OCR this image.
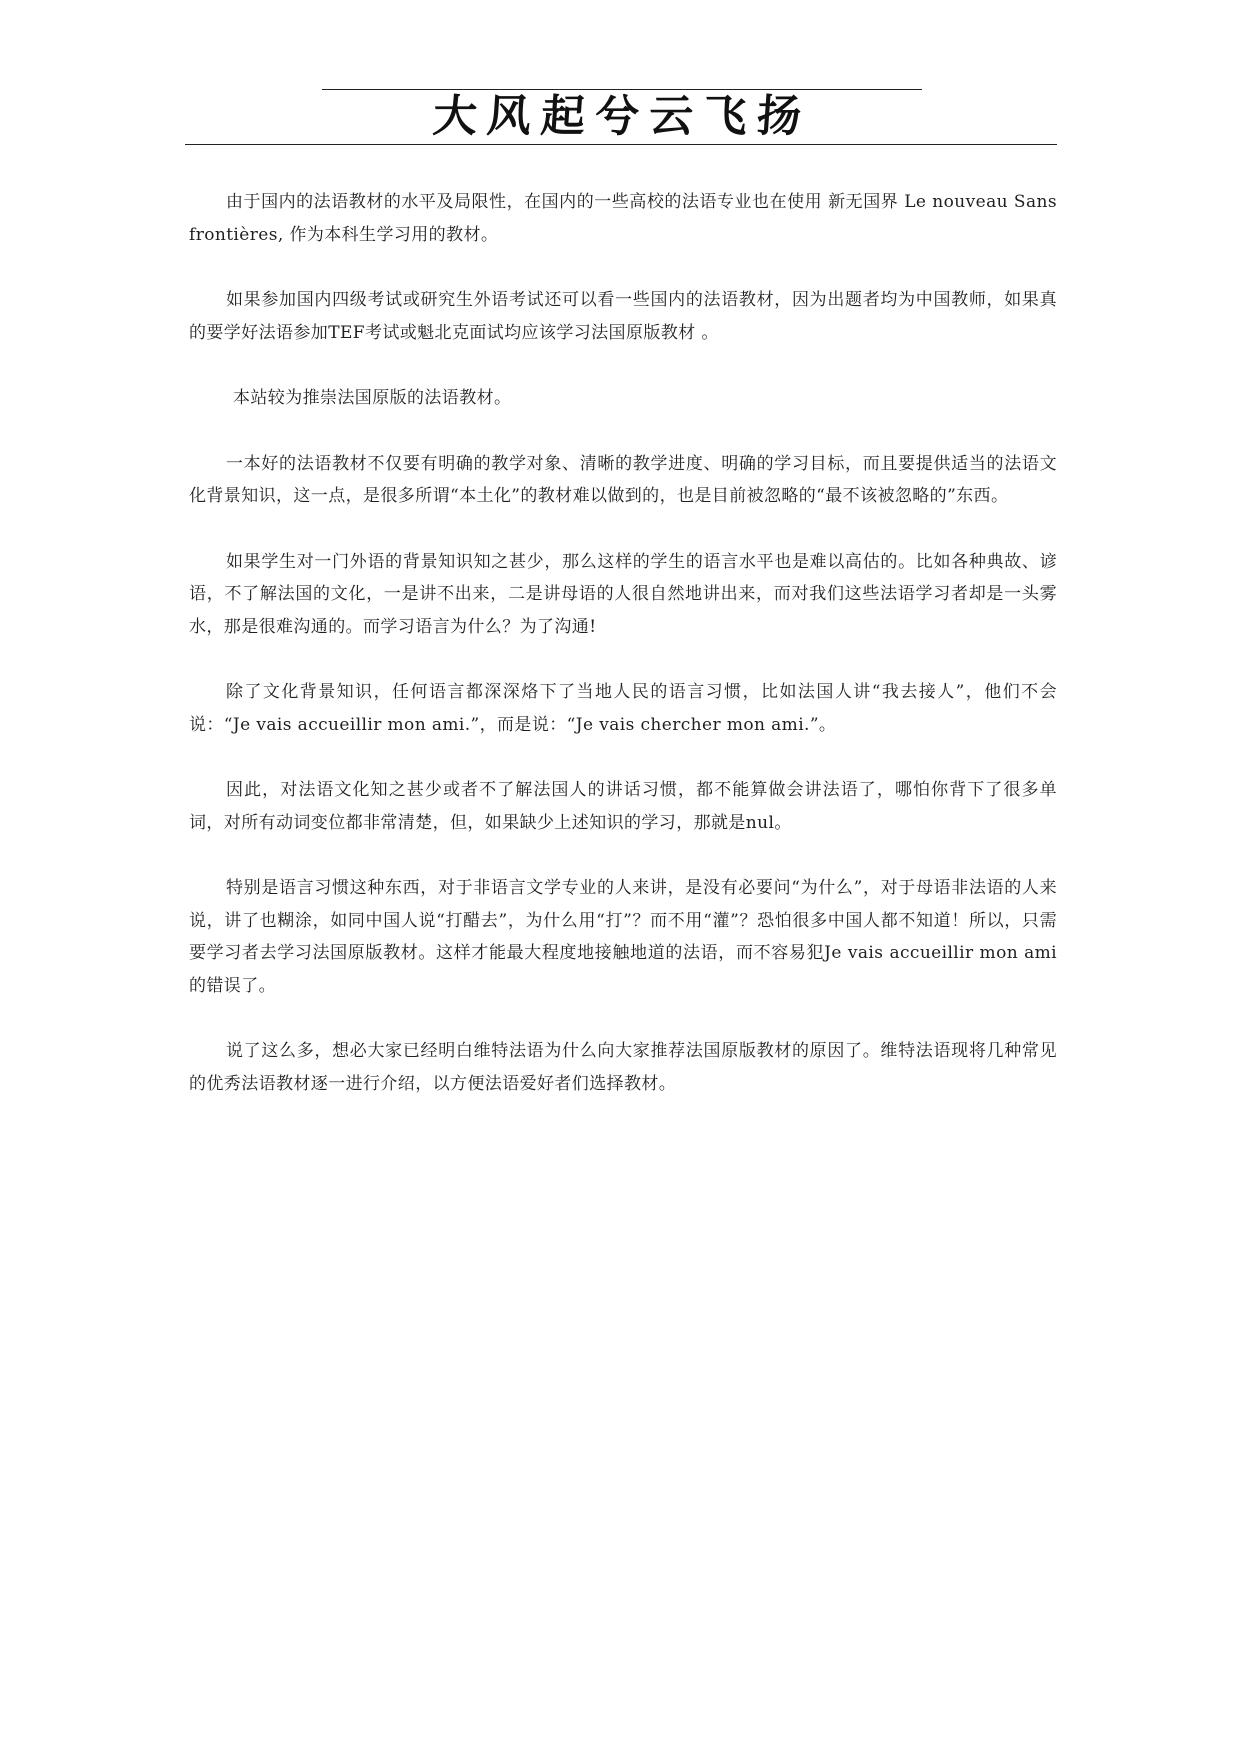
大风起兮云飞扬

由于国内的法语教材的水平及局限性，在国内的一些高校的法语专业也在使用 新无国界 Le nouveau Sans frontières, 作为本科生学习用的教材。

如果参加国内四级考试或研究生外语考试还可以看一些国内的法语教材，因为出题者均为中国教师，如果真的要学好法语参加TEF考试或魁北克面试均应该学习法国原版教材 。

本站较为推崇法国原版的法语教材。

一本好的法语教材不仅要有明确的教学对象、清晰的教学进度、明确的学习目标，而且要提供适当的法语文化背景知识，这一点，是很多所谓“本土化”的教材难以做到的，也是目前被忽略的“最不该被忽略的”东西。

如果学生对一门外语的背景知识知之甚少，那么这样的学生的语言水平也是难以高估的。比如各种典故、谚语，不了解法国的文化，一是讲不出来，二是讲母语的人很自然地讲出来，而对我们这些法语学习者却是一头雾水，那是很难沟通的。而学习语言为什么？为了沟通!

除了文化背景知识，任何语言都深深烙下了当地人民的语言习惯，比如法国人讲“我去接人”，他们不会说：“Je vais accueillir mon ami.”，而是说：“Je vais chercher mon ami.”。

因此，对法语文化知之甚少或者不了解法国人的讲话习惯，都不能算做会讲法语了，哪怕你背下了很多单词，对所有动词变位都非常清楚，但，如果缺少上述知识的学习，那就是nul。

特别是语言习惯这种东西，对于非语言文学专业的人来讲，是没有必要问“为什么”，对于母语非法语的人来说，讲了也糊涂，如同中国人说“打醋去”，为什么用“打”？而不用“灌”？恐怕很多中国人都不知道！所以，只需要学习者去学习法国原版教材。这样才能最大程度地接触地道的法语，而不容易犯Je vais accueillir mon ami的错误了。

说了这么多，想必大家已经明白维特法语为什么向大家推荐法国原版教材的原因了。维特法语现将几种常见的优秀法语教材逐一进行介绍，以方便法语爱好者们选择教材。
